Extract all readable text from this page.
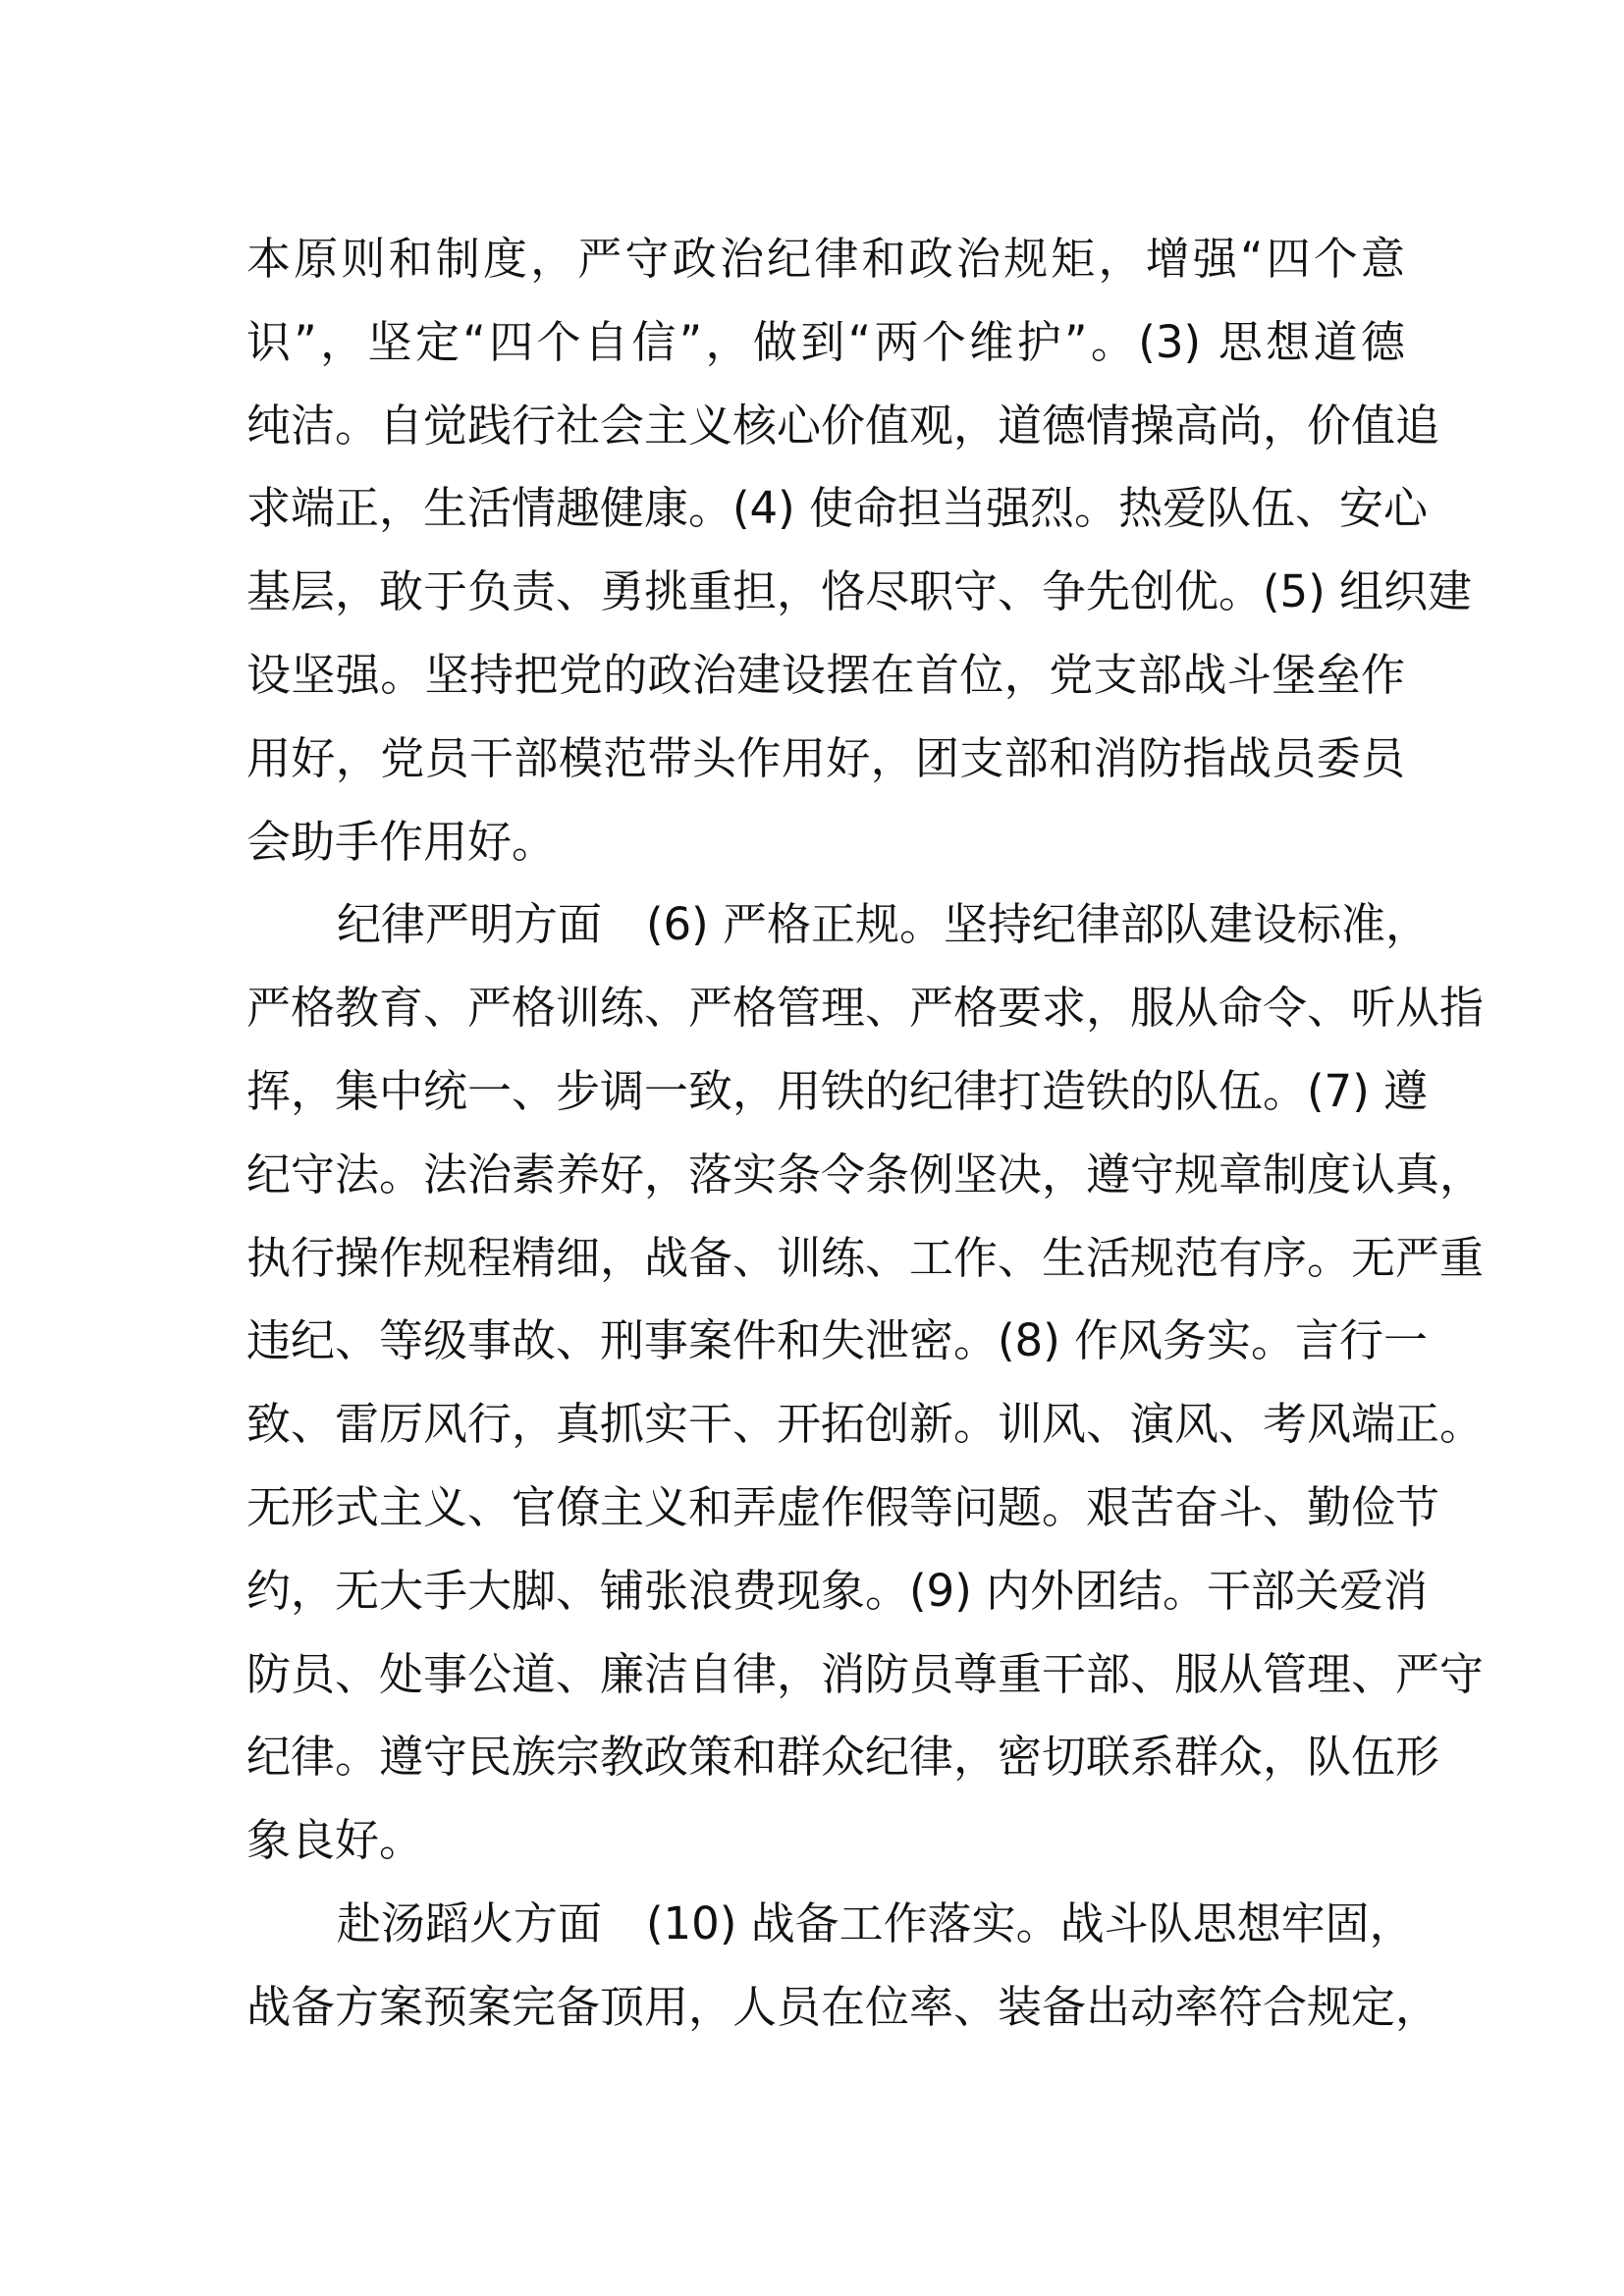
本原则和制度，严守政治纪律和政治规矩，增强“四个意
识”，坚定“四个自信”，做到“两个维护”。(3) 思想道德
纯洁。自觉践行社会主义核心价值观，道德情操高尚，价值追
求端正，生活情趣健康。(4) 使命担当强烈。热爱队伍、安心
基层，敢于负责、勇挑重担，恪尽职守、争先创优。(5) 组织建
设坚强。坚持把党的政治建设摆在首位，党支部战斗堡垒作
用好，党员干部模范带头作用好，团支部和消防指战员委员
会助手作用好。
纪律严明方面　(6) 严格正规。坚持纪律部队建设标准，
严格教育、严格训练、严格管理、严格要求，服从命令、听从指
挥，集中统一、步调一致，用铁的纪律打造铁的队伍。(7) 遵
纪守法。法治素养好，落实条令条例坚决，遵守规章制度认真，
执行操作规程精细，战备、训练、工作、生活规范有序。无严重
违纪、等级事故、刑事案件和失泄密。(8) 作风务实。言行一
致、雷厉风行，真抓实干、开拓创新。训风、演风、考风端正。
无形式主义、官僚主义和弄虚作假等问题。艰苦奋斗、勤俭节
约，无大手大脚、铺张浪费现象。(9) 内外团结。干部关爱消
防员、处事公道、廉洁自律，消防员尊重干部、服从管理、严守
纪律。遵守民族宗教政策和群众纪律，密切联系群众，队伍形
象良好。
赴汤蹈火方面　(10) 战备工作落实。战斗队思想牢固，
战备方案预案完备顶用，人员在位率、装备出动率符合规定，
